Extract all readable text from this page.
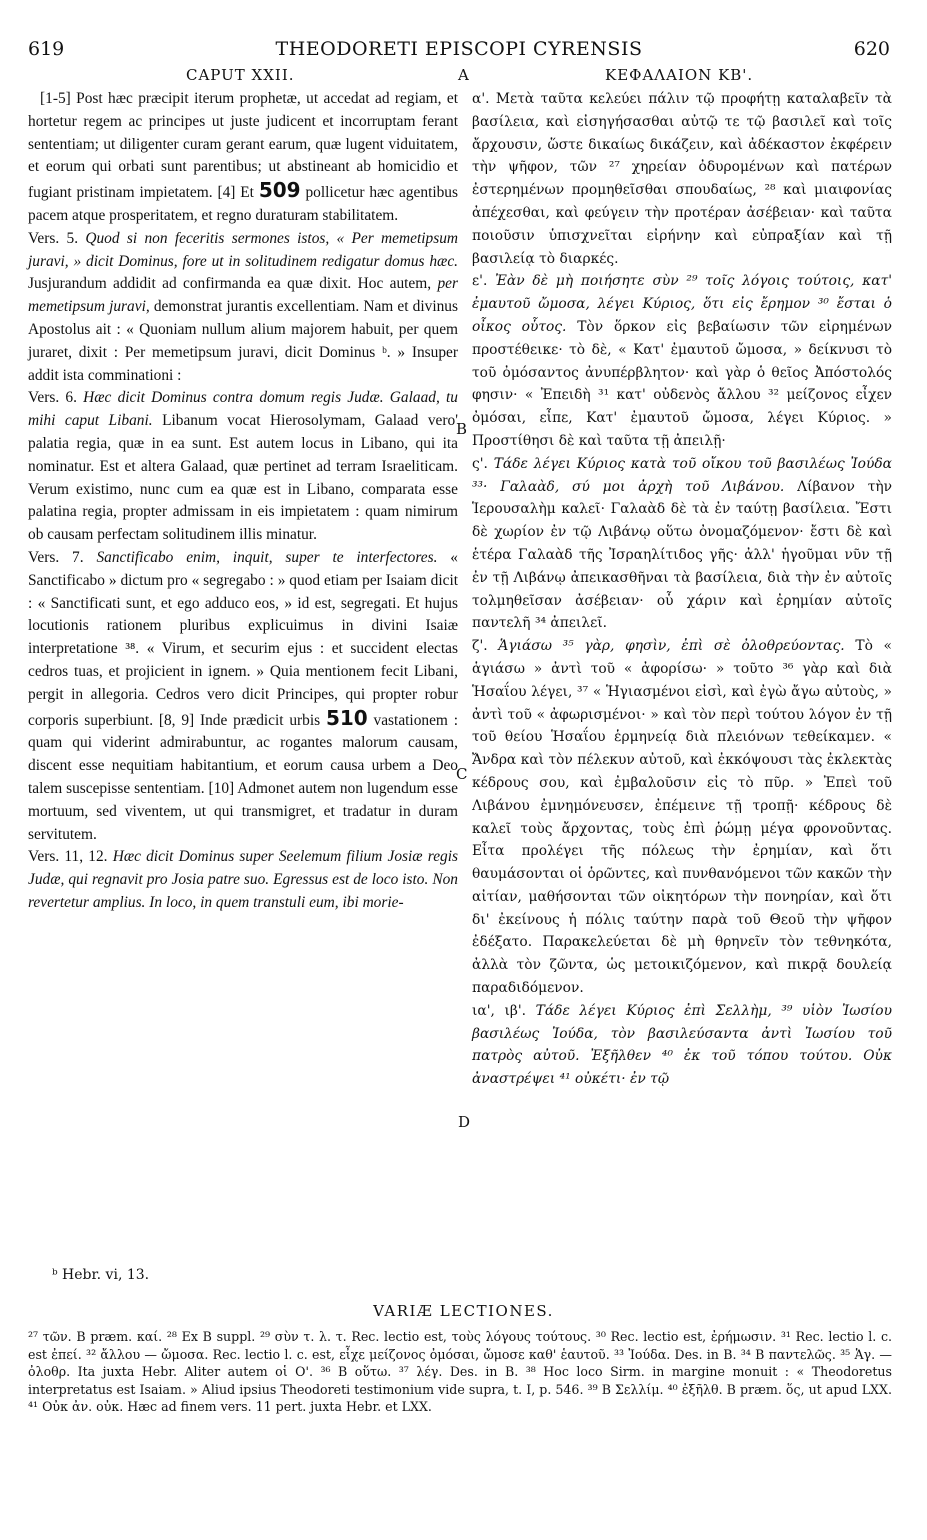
619	THEODORETI EPISCOPI CYRENSIS	620
CAPUT XXII.	A	ΚΕΦΑΛΑΙΟΝ ΚΒ'.
B
C
D

[1-5] Post hæc præcipit iterum prophetæ, ut accedat ad regiam, et hortetur regem ac principes ut juste judicent et incorruptam ferant sententiam; ut diligenter curam gerant earum, quæ lugent viduitatem, et eorum qui orbati sunt parentibus; ut abstineant ab homicidio et fugiant pristinam impietatem. [4] Et 509 pollicetur hæc agentibus pacem atque prosperitatem, et regno duraturam stabilitatem.

Vers. 5. Quod si non feceritis sermones istos, « Per memetipsum juravi, » dicit Dominus, fore ut in solitudinem redigatur domus hæc. Jusjurandum addidit ad confirmanda ea quæ dixit. Hoc autem, per memetipsum juravi, demonstrat jurantis excellentiam. Nam et divinus Apostolus ait : « Quoniam nullum alium majorem habuit, per quem juraret, dixit : Per memetipsum juravi, dicit Dominus ᵇ. » Insuper addit ista comminationi :

Vers. 6. Hæc dicit Dominus contra domum regis Judæ. Galaad, tu mihi caput Libani. Libanum vocat Hierosolymam, Galaad vero' palatia regia, quæ in ea sunt. Est autem locus in Libano, qui ita nominatur. Est et altera Galaad, quæ pertinet ad terram Israeliticam. Verum existimo, nunc cum ea quæ est in Libano, comparata esse palatina regia, propter admissam in eis impietatem : quam nimirum ob causam perfectam solitudinem illis minatur.

Vers. 7. Sanctificabo enim, inquit, super te interfectores. « Sanctificabo » dictum pro « segregabo : » quod etiam per Isaiam dicit : « Sanctificati sunt, et ego adduco eos, » id est, segregati. Et hujus locutionis rationem pluribus explicuimus in divini Isaiæ interpretatione ³⁸. « Virum, et securim ejus : et succident electas cedros tuas, et projicient in ignem. » Quia mentionem fecit Libani, pergit in allegoria. Cedros vero dicit Principes, qui propter robur corporis superbiunt. [8, 9] Inde prædicit urbis 510 vastationem : quam qui viderint admirabuntur, ac rogantes malorum causam, discent esse nequitiam habitantium, et eorum causa urbem a Deo talem suscepisse sententiam. [10] Admonet autem non lugendum esse mortuum, sed viventem, ut qui transmigret, et tradatur in duram servitutem.

Vers. 11, 12. Hæc dicit Dominus super Seelemum filium Josiæ regis Judæ, qui regnavit pro Josia patre suo. Egressus est de loco isto. Non revertetur amplius. In loco, in quem transtuli eum, ibi morie-

α'. Μετὰ ταῦτα κελεύει πάλιν τῷ προφήτῃ καταλαβεῖν τὰ βασίλεια, καὶ εἰσηγήσασθαι αὐτῷ τε τῷ βασιλεῖ καὶ τοῖς ἄρχουσιν, ὥστε δικαίως δικάζειν, καὶ ἀδέκαστον ἐκφέρειν τὴν ψῆφον, τῶν ²⁷ χηρείαν ὀδυρομένων καὶ πατέρων ἐστερημένων προμηθεῖσθαι σπουδαίως, ²⁸ καὶ μιαιφονίας ἀπέχεσθαι, καὶ φεύγειν τὴν προτέραν ἀσέβειαν· καὶ ταῦτα ποιοῦσιν ὑπισχνεῖται εἰρήνην καὶ εὐπραξίαν καὶ τῇ βασιλείᾳ τὸ διαρκές.

ε'. Ἐὰν δὲ μὴ ποιήσητε σὺν ²⁹ τοῖς λόγοις τούτοις, κατ' ἐμαυτοῦ ὤμοσα, λέγει Κύριος, ὅτι εἰς ἔρημον ³⁰ ἔσται ὁ οἶκος οὗτος. Τὸν ὅρκον εἰς βεβαίωσιν τῶν εἰρημένων προστέθεικε· τὸ δὲ, « Κατ' ἐμαυτοῦ ὤμοσα, » δείκνυσι τὸ τοῦ ὀμόσαντος ἀνυπέρβλητον· καὶ γὰρ ὁ θεῖος Ἀπόστολός φησιν· « Ἐπειδὴ ³¹ κατ' οὐδενὸς ἄλλου ³² μείζονος εἶχεν ὀμόσαι, εἶπε, Κατ' ἐμαυτοῦ ὤμοσα, λέγει Κύριος. » Προστίθησι δὲ καὶ ταῦτα τῇ ἀπειλῇ·

ς'. Τάδε λέγει Κύριος κατὰ τοῦ οἴκου τοῦ βασιλέως Ἰούδα ³³· Γαλαὰδ, σύ μοι ἀρχὴ τοῦ Λιβάνου. Λίβανον τὴν Ἱερουσαλὴμ καλεῖ· Γαλαὰδ δὲ τὰ ἐν ταύτῃ βασίλεια. Ἔστι δὲ χωρίον ἐν τῷ Λιβάνῳ οὕτω ὀνομαζόμενον· ἔστι δὲ καὶ ἑτέρα Γαλαὰδ τῆς Ἰσραηλίτιδος γῆς· ἀλλ' ἡγοῦμαι νῦν τῇ ἐν τῇ Λιβάνῳ ἀπεικασθῆναι τὰ βασίλεια, διὰ τὴν ἐν αὐτοῖς τολμηθεῖσαν ἀσέβειαν· οὗ χάριν καὶ ἐρημίαν αὐτοῖς παντελῆ ³⁴ ἀπειλεῖ.

ζ'. Ἁγιάσω ³⁵ γὰρ, φησὶν, ἐπὶ σὲ ὀλοθρεύοντας. Τὸ « ἁγιάσω » ἀντὶ τοῦ « ἀφορίσω· » τοῦτο ³⁶ γὰρ καὶ διὰ Ἡσαΐου λέγει, ³⁷ « Ἡγιασμένοι εἰσὶ, καὶ ἐγὼ ἄγω αὐτοὺς, » ἀντὶ τοῦ « ἀφωρισμένοι· » καὶ τὸν περὶ τούτου λόγον ἐν τῇ τοῦ θείου Ἡσαΐου ἑρμηνείᾳ διὰ πλειόνων τεθείκαμεν. « Ἄνδρα καὶ τὸν πέλεκυν αὐτοῦ, καὶ ἐκκόψουσι τὰς ἐκλεκτὰς κέδρους σου, καὶ ἐμβαλοῦσιν εἰς τὸ πῦρ. » Ἐπεὶ τοῦ Λιβάνου ἐμνημόνευσεν, ἐπέμεινε τῇ τροπῇ· κέδρους δὲ καλεῖ τοὺς ἄρχοντας, τοὺς ἐπὶ ῥώμῃ μέγα φρονοῦντας. Εἶτα προλέγει τῆς πόλεως τὴν ἐρημίαν, καὶ ὅτι θαυμάσονται οἱ ὁρῶντες, καὶ πυνθανόμενοι τῶν κακῶν τὴν αἰτίαν, μαθήσονται τῶν οἰκητόρων τὴν πονηρίαν, καὶ ὅτι δι' ἐκείνους ἡ πόλις ταύτην παρὰ τοῦ Θεοῦ τὴν ψῆφον ἐδέξατο. Παρακελεύεται δὲ μὴ θρηνεῖν τὸν τεθνηκότα, ἀλλὰ τὸν ζῶντα, ὡς μετοικιζόμενον, καὶ πικρᾷ δουλείᾳ παραδιδόμενον.

ια', ιβ'. Τάδε λέγει Κύριος ἐπὶ Σελλὴμ, ³⁹ υἱὸν Ἰωσίου βασιλέως Ἰούδα, τὸν βασιλεύσαντα ἀντὶ Ἰωσίου τοῦ πατρὸς αὐτοῦ. Ἐξῆλθεν ⁴⁰ ἐκ τοῦ τόπου τούτου. Οὐκ ἀναστρέψει ⁴¹ οὐκέτι· ἐν τῷ

ᵇ Hebr. vi, 13.
VARIÆ LECTIONES.
²⁷ τῶν. B præm. καί. ²⁸ Ex B suppl. ²⁹ σὺν τ. λ. τ. Rec. lectio est, τοὺς λόγους τούτους. ³⁰ Rec. lectio est, ἐρήμωσιν. ³¹ Rec. lectio l. c. est ἐπεί. ³² ἄλλου — ὤμοσα. Rec. lectio l. c. est, εἶχε μείζονος ὀμόσαι, ὤμοσε καθ' ἑαυτοῦ. ³³ Ἰούδα. Des. in B. ³⁴ B παντελῶς. ³⁵ Ἁγ. — ὀλοθρ. Ita juxta Hebr. Aliter autem οἱ Ο'. ³⁶ B οὕτω. ³⁷ λέγ. Des. in B. ³⁸ Hoc loco Sirm. in margine monuit : « Theodoretus interpretatus est Isaiam. » Aliud ipsius Theodoreti testimonium vide supra, t. I, p. 546. ³⁹ B Σελλίμ. ⁴⁰ ἐξῆλθ. B præm. ὅς, ut apud LXX. ⁴¹ Οὐκ ἀν. οὐκ. Hæc ad finem vers. 11 pert. juxta Hebr. et LXX.
